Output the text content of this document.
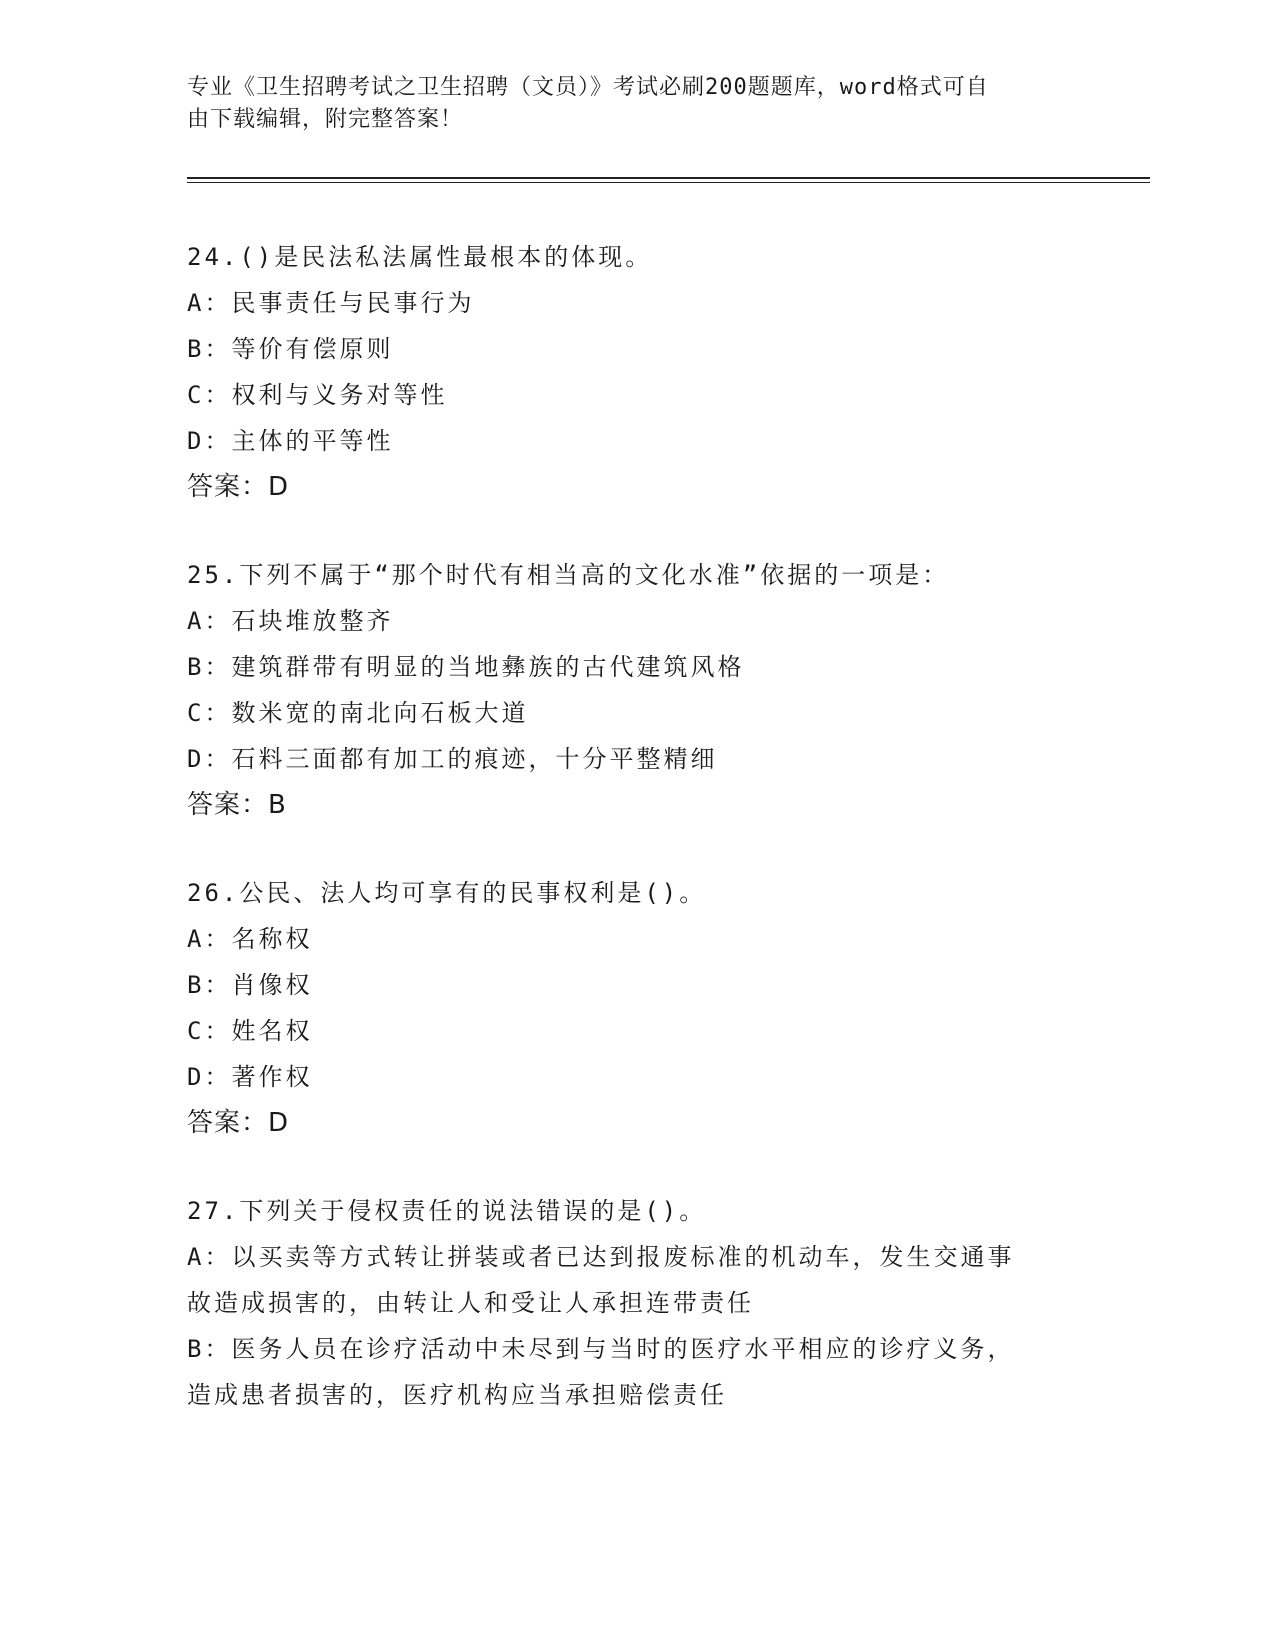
专业《卫生招聘考试之卫生招聘（文员）》考试必刷200题题库，word格式可自
由下载编辑，附完整答案！
24.()是民法私法属性最根本的体现。
A：民事责任与民事行为
B：等价有偿原则
C：权利与义务对等性
D：主体的平等性
答案：D
25.下列不属于“那个时代有相当高的文化水准”依据的一项是：
A：石块堆放整齐
B：建筑群带有明显的当地彝族的古代建筑风格
C：数米宽的南北向石板大道
D：石料三面都有加工的痕迹，十分平整精细
答案：B
26.公民、法人均可享有的民事权利是()。
A：名称权
B：肖像权
C：姓名权
D：著作权
答案：D
27.下列关于侵权责任的说法错误的是()。
A：以买卖等方式转让拼装或者已达到报废标准的机动车，发生交通事
故造成损害的，由转让人和受让人承担连带责任
B：医务人员在诊疗活动中未尽到与当时的医疗水平相应的诊疗义务，
造成患者损害的，医疗机构应当承担赔偿责任
